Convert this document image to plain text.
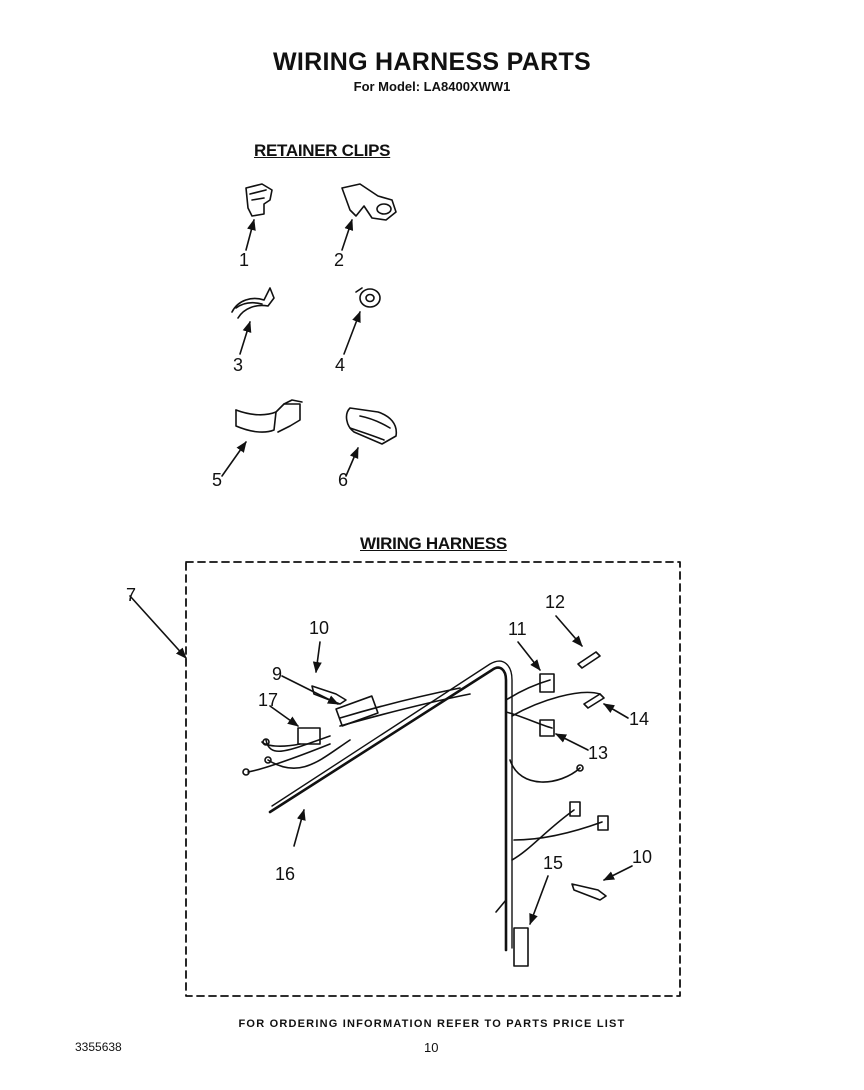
WIRING HARNESS PARTS
For Model: LA8400XWW1
RETAINER CLIPS
WIRING HARNESS
1	2
3	4
5	6
7
9
10
10
11
12
13
14
15
16
17
FOR ORDERING INFORMATION REFER TO PARTS PRICE LIST
3355638	10
